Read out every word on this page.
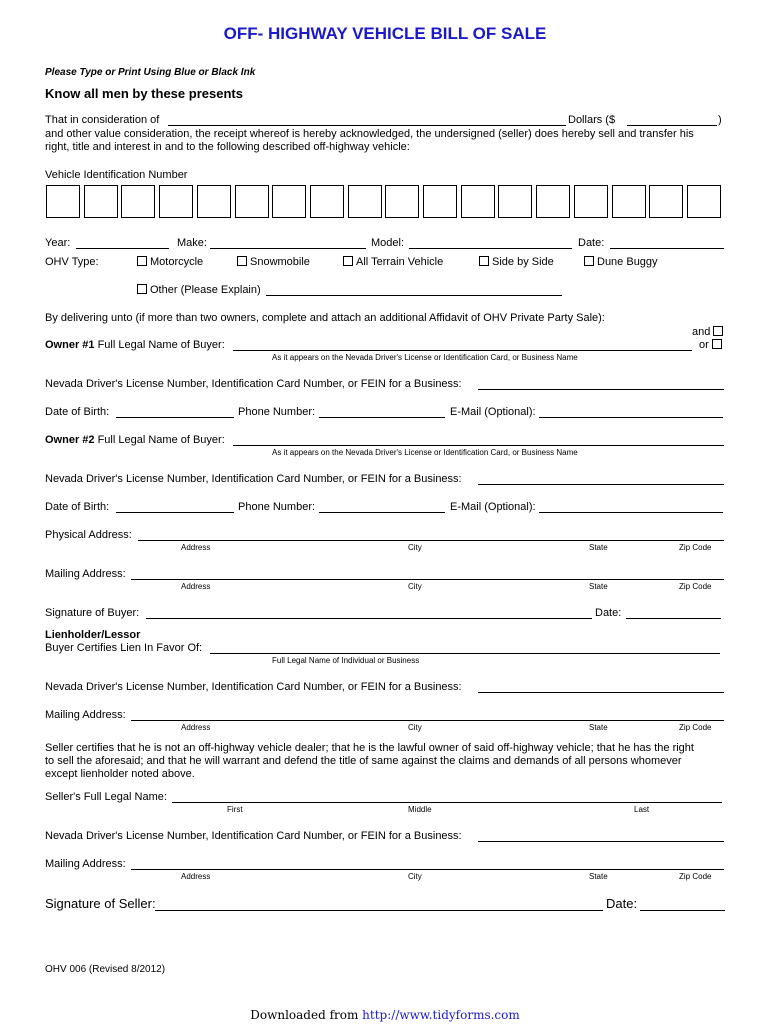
OFF- HIGHWAY VEHICLE BILL OF SALE
Please Type or Print Using Blue or Black Ink
Know all men by these presents
That in consideration of	Dollars ($	)
and other value consideration, the receipt whereof is hereby acknowledged, the undersigned (seller) does hereby sell and transfer his
right, title and interest in and to the following described off-highway vehicle:
Vehicle Identification Number
Year:	Make:	Model:	Date:
OHV Type:	Motorcycle	Snowmobile	All Terrain Vehicle	Side by Side	Dune Buggy
Other (Please Explain)
By delivering unto (if more than two owners, complete and attach an additional Affidavit of OHV Private Party Sale):
and
or
Owner #1 Full Legal Name of Buyer:
As it appears on the Nevada Driver's License or Identification Card, or Business Name
Nevada Driver's License Number, Identification Card Number, or FEIN for a Business:
Date of Birth:	Phone Number:	E-Mail (Optional):
Owner #2 Full Legal Name of Buyer:
As it appears on the Nevada Driver's License or Identification Card, or Business Name
Nevada Driver's License Number, Identification Card Number, or FEIN for a Business:
Date of Birth:	Phone Number:	E-Mail (Optional):
Physical Address:
Address	City	State	Zip Code
Mailing Address:
Address	City	State	Zip Code
Signature of Buyer:	Date:
Lienholder/Lessor
Buyer Certifies Lien In Favor Of:
Full Legal Name of Individual or Business
Nevada Driver's License Number, Identification Card Number, or FEIN for a Business:
Mailing Address:
Address	City	State	Zip Code
Seller certifies that he is not an off-highway vehicle dealer; that he is the lawful owner of said off-highway vehicle; that he has the right
to sell the aforesaid; and that he will warrant and defend the title of same against the claims and demands of all persons whomever
except lienholder noted above.
Seller's Full Legal Name:
First	Middle	Last
Nevada Driver's License Number, Identification Card Number, or FEIN for a Business:
Mailing Address:
Address	City	State	Zip Code
Signature of Seller:	Date:
OHV 006 (Revised 8/2012)
Downloaded from http://www.tidyforms.com
